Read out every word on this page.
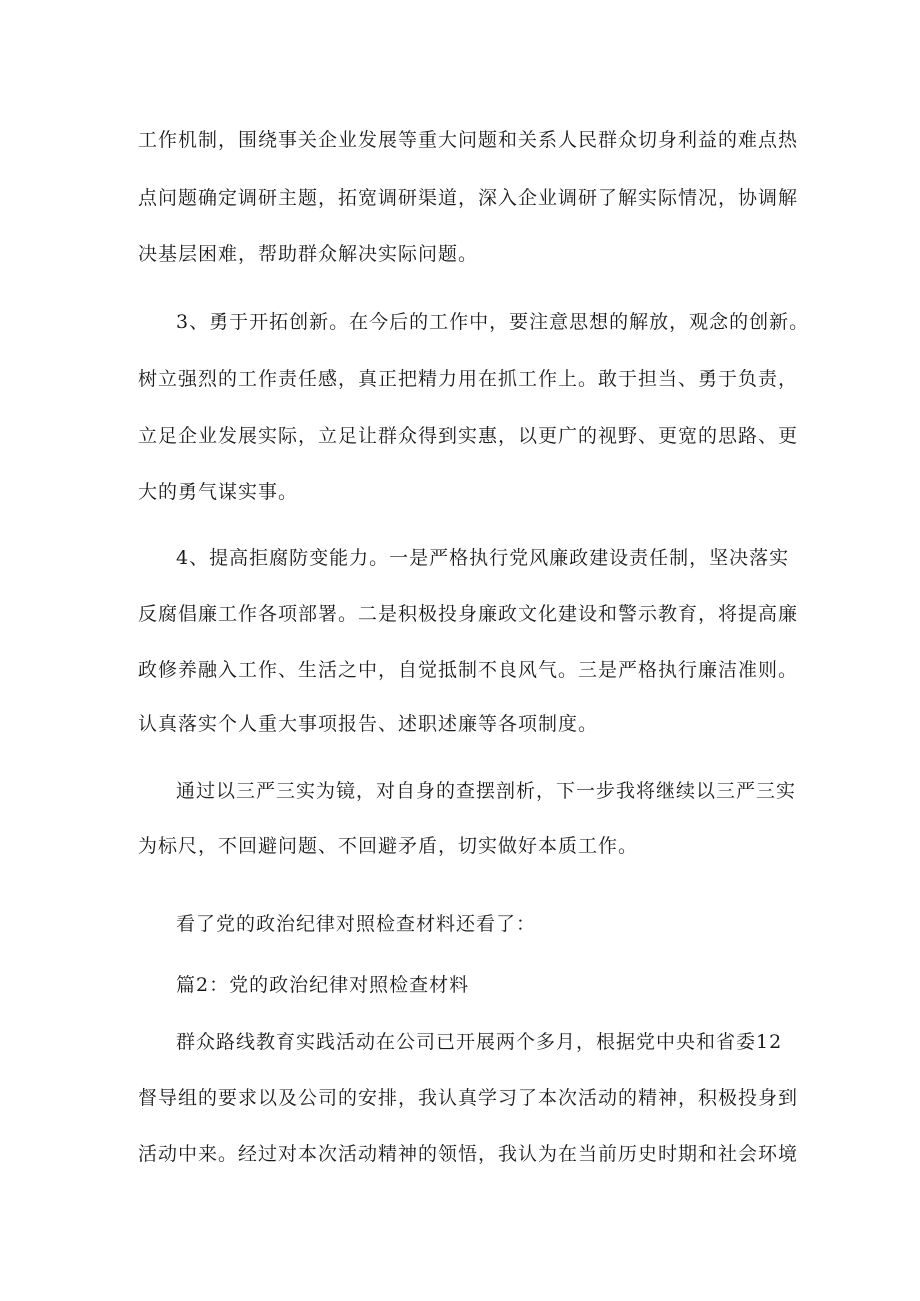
工作机制，围绕事关企业发展等重大问题和关系人民群众切身利益的难点热
点问题确定调研主题，拓宽调研渠道，深入企业调研了解实际情况，协调解
决基层困难，帮助群众解决实际问题。
3、勇于开拓创新。在今后的工作中，要注意思想的解放，观念的创新。
树立强烈的工作责任感，真正把精力用在抓工作上。敢于担当、勇于负责，
立足企业发展实际，立足让群众得到实惠，以更广的视野、更宽的思路、更
大的勇气谋实事。
4、提高拒腐防变能力。一是严格执行党风廉政建设责任制，坚决落实
反腐倡廉工作各项部署。二是积极投身廉政文化建设和警示教育，将提高廉
政修养融入工作、生活之中，自觉抵制不良风气。三是严格执行廉洁准则。
认真落实个人重大事项报告、述职述廉等各项制度。
通过以三严三实为镜，对自身的查摆剖析，下一步我将继续以三严三实
为标尺，不回避问题、不回避矛盾，切实做好本质工作。
看了党的政治纪律对照检查材料还看了：
篇2：党的政治纪律对照检查材料
群众路线教育实践活动在公司已开展两个多月，根据党中央和省委12
督导组的要求以及公司的安排，我认真学习了本次活动的精神，积极投身到
活动中来。经过对本次活动精神的领悟，我认为在当前历史时期和社会环境
